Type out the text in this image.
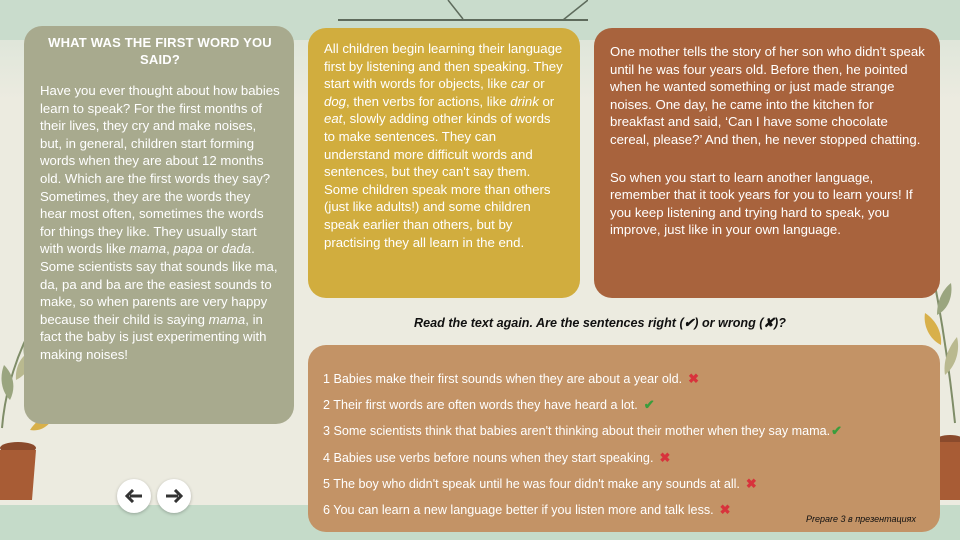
WHAT WAS THE FIRST WORD YOU SAID?

Have you ever thought about how babies learn to speak? For the first months of their lives, they cry and make noises, but, in general, children start forming words when they are about 12 months old. Which are the first words they say? Sometimes, they are the words they hear most often, sometimes the words for things they like. They usually start with words like mama, papa or dada. Some scientists say that sounds like ma, da, pa and ba are the easiest sounds to make, so when parents are very happy because their child is saying mama, in fact the baby is just experimenting with making noises!

All children begin learning their language first by listening and then speaking. They start with words for objects, like car or dog, then verbs for actions, like drink or eat, slowly adding other kinds of words to make sentences. They can understand more difficult words and sentences, but they can't say them. Some children speak more than others (just like adults!) and some children speak earlier than others, but by practising they all learn in the end.

One mother tells the story of her son who didn't speak until he was four years old. Before then, he pointed when he wanted something or just made strange noises. One day, he came into the kitchen for breakfast and said, ‘Can I have some chocolate cereal, please?’ And then, he never stopped chatting.

So when you start to learn another language, remember that it took years for you to learn yours! If you keep listening and trying hard to speak, you improve, just like in your own language.

Read the text again. Are the sentences right (✔) or wrong (✘)?
1 Babies make their first sounds when they are about a year old. ✖
2 Their first words are often words they have heard a lot. ✔
3 Some scientists think that babies aren't thinking about their mother when they say mama.✔
4 Babies use verbs before nouns when they start speaking. ✖
5 The boy who didn't speak until he was four didn't make any sounds at all. ✖
6 You can learn a new language better if you listen more and talk less. ✖
Prepare 3 в презентациях
